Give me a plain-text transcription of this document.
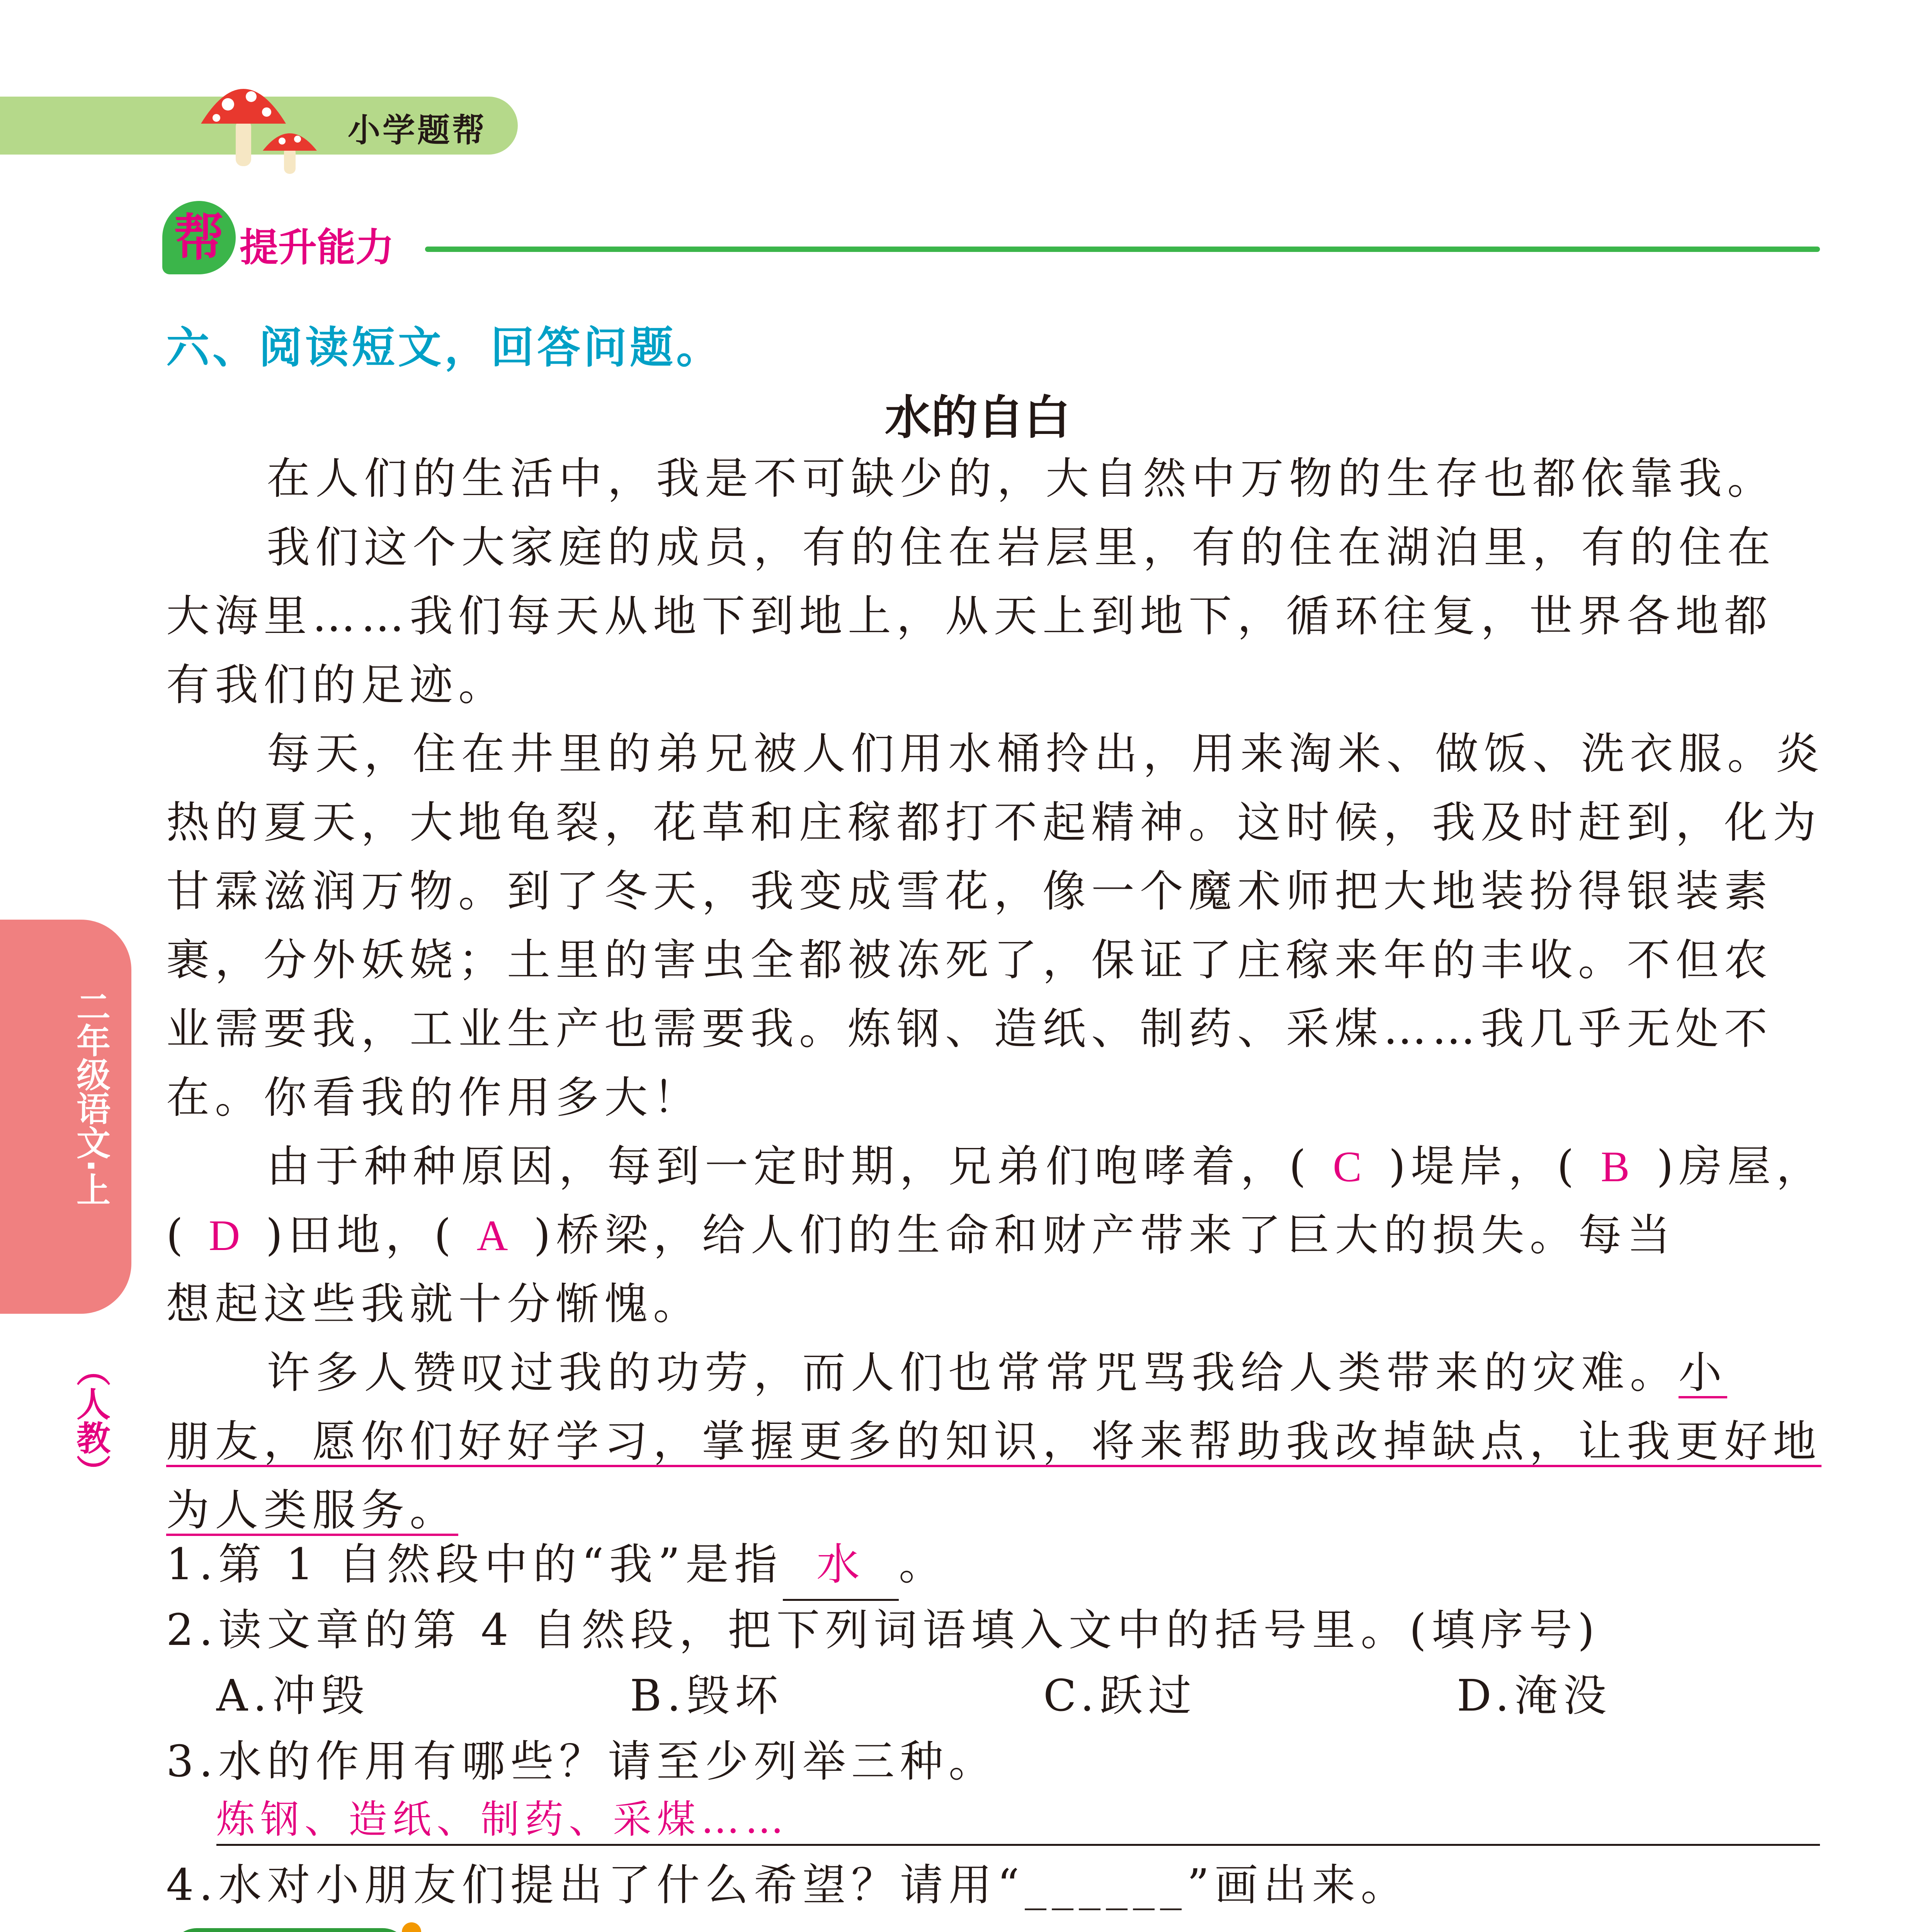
小学题帮
帮 提升能力
二年级语文·上
（人教）
六、阅读短文，回答问题。
水的自白
在人们的生活中，我是不可缺少的，大自然中万物的生存也都依靠我。
我们这个大家庭的成员，有的住在岩层里，有的住在湖泊里，有的住在
大海里……我们每天从地下到地上，从天上到地下，循环往复，世界各地都
有我们的足迹。
每天，住在井里的弟兄被人们用水桶拎出，用来淘米、做饭、洗衣服。炎
热的夏天，大地龟裂，花草和庄稼都打不起精神。这时候，我及时赶到，化为
甘霖滋润万物。到了冬天，我变成雪花，像一个魔术师把大地装扮得银装素
裹，分外妖娆；土里的害虫全都被冻死了，保证了庄稼来年的丰收。不但农
业需要我，工业生产也需要我。炼钢、造纸、制药、采煤……我几乎无处不
在。你看我的作用多大！
由于种种原因，每到一定时期，兄弟们咆哮着，( C )堤岸，( B )房屋，
( D )田地，( A )桥梁，给人们的生命和财产带来了巨大的损失。每当
想起这些我就十分惭愧。
许多人赞叹过我的功劳，而人们也常常咒骂我给人类带来的灾难。小
朋友，愿你们好好学习，掌握更多的知识，将来帮助我改掉缺点，让我更好地
为人类服务。
1.第 1 自然段中的“我”是指 水 。
2.读文章的第 4 自然段，把下列词语填入文中的括号里。(填序号)
A.冲毁	B.毁坏	C.跃过	D.淹没
3.水的作用有哪些？请至少列举三种。
炼钢、造纸、制药、采煤……
4.水对小朋友们提出了什么希望？请用“______”画出来。
